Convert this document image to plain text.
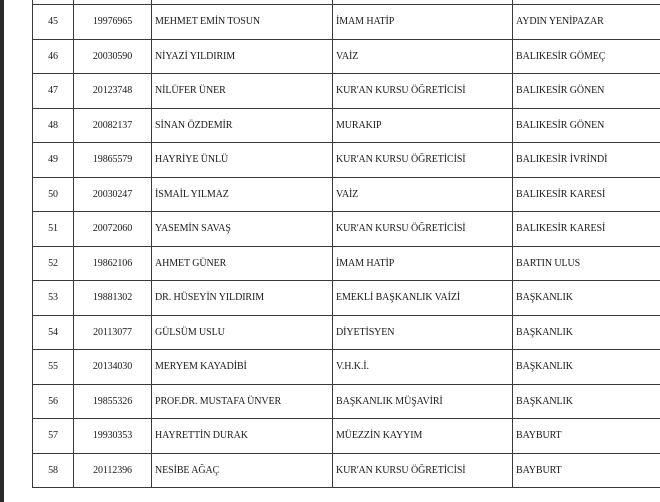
45	19976965	MEHMET EMİN TOSUN	İMAM HATİP	AYDIN YENİPAZAR
46	20030590	NİYAZİ YILDIRIM	VAİZ	BALIKESİR GÖMEÇ
47	20123748	NİLÜFER ÜNER	KUR'AN KURSU ÖĞRETİCİSİ	BALIKESİR GÖNEN
48	20082137	SİNAN ÖZDEMİR	MURAKIP	BALIKESİR GÖNEN
49	19865579	HAYRİYE ÜNLÜ	KUR'AN KURSU ÖĞRETİCİSİ	BALIKESİR İVRİNDİ
50	20030247	İSMAİL YILMAZ	VAİZ	BALIKESİR KARESİ
51	20072060	YASEMİN SAVAŞ	KUR'AN KURSU ÖĞRETİCİSİ	BALIKESİR KARESİ
52	19862106	AHMET GÜNER	İMAM HATİP	BARTIN ULUS
53	19881302	DR. HÜSEYİN YILDIRIM	EMEKLİ BAŞKANLIK VAİZİ	BAŞKANLIK
54	20113077	GÜLSÜM USLU	DİYETİSYEN	BAŞKANLIK
55	20134030	MERYEM KAYADİBİ	V.H.K.İ.	BAŞKANLIK
56	19855326	PROF.DR. MUSTAFA ÜNVER	BAŞKANLIK MÜŞAVİRİ	BAŞKANLIK
57	19930353	HAYRETTİN DURAK	MÜEZZİN KAYYIM	BAYBURT
58	20112396	NESİBE AĞAÇ	KUR'AN KURSU ÖĞRETİCİSİ	BAYBURT
